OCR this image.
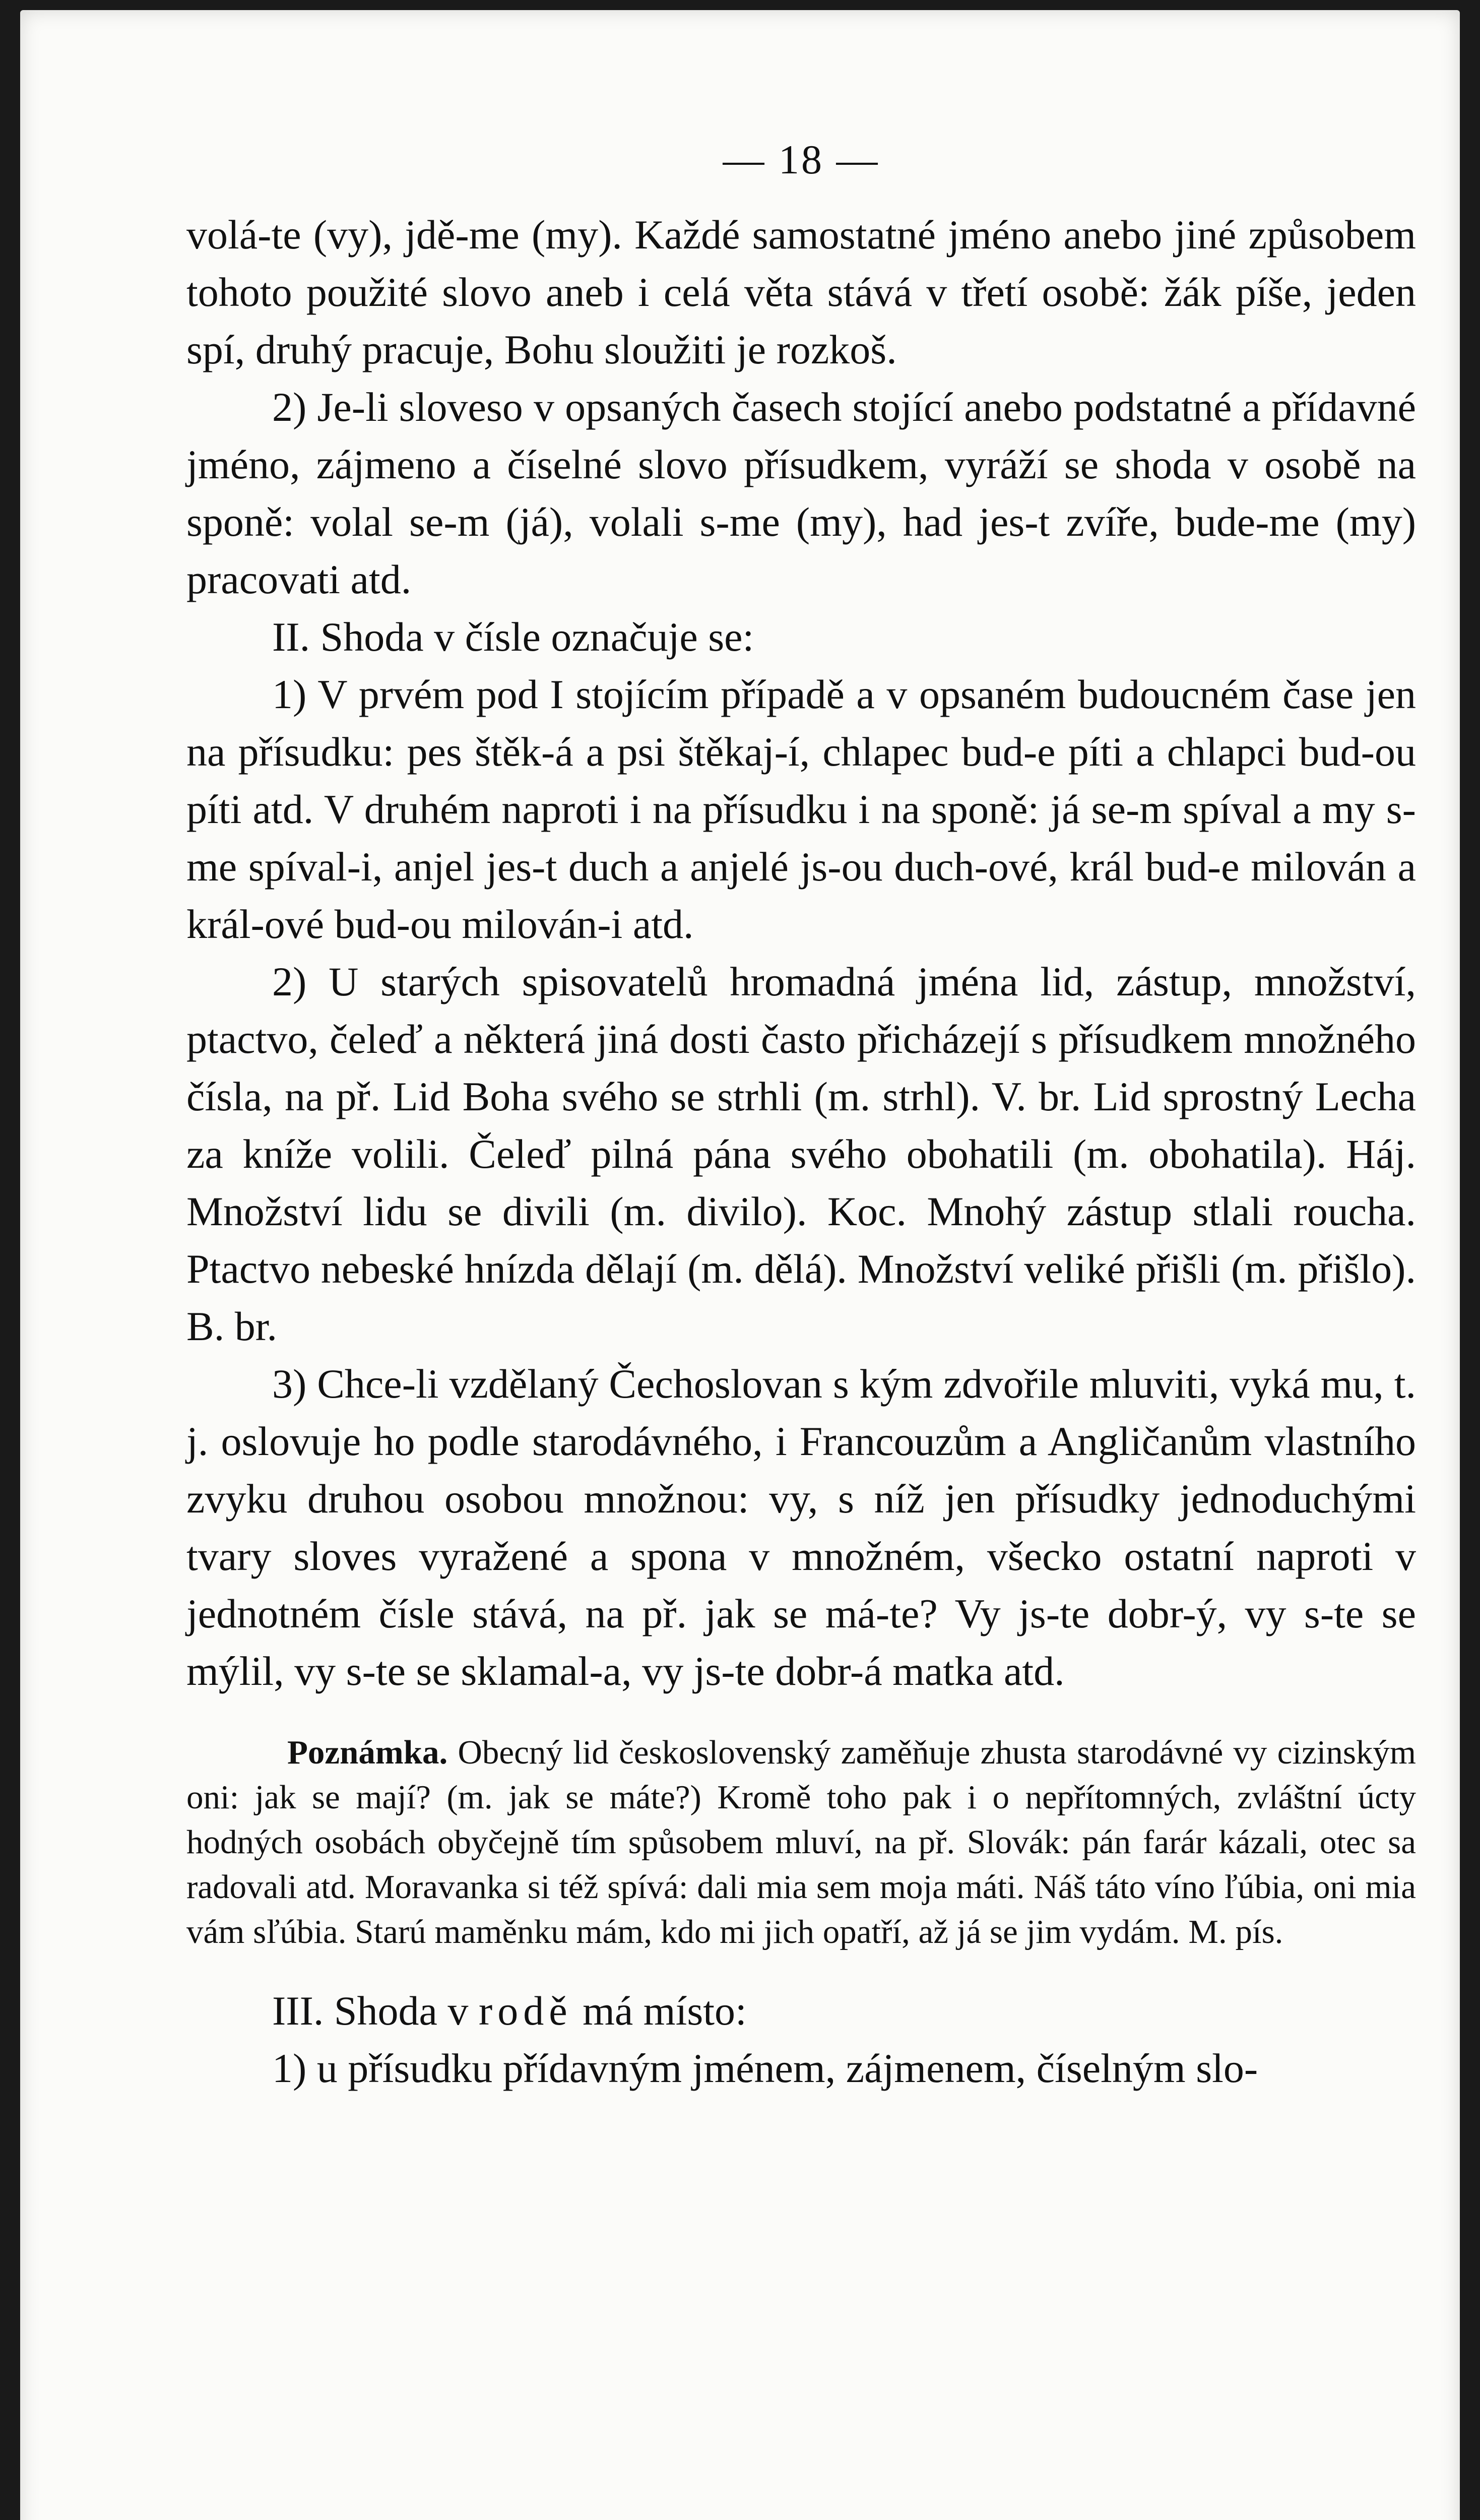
— 18 —

volá-te (vy), jdě-me (my). Každé samostatné jméno anebo jiné způsobem tohoto použité slovo aneb i celá věta stává v třetí osobě: žák píše, jeden spí, druhý pracuje, Bohu sloužiti je rozkoš.

2) Je-li sloveso v opsaných časech stojící anebo podstatné a přídavné jméno, zájmeno a číselné slovo přísudkem, vyráží se shoda v osobě na sponě: volal se-m (já), volali s-me (my), had jes-t zvíře, bude-me (my) pracovati atd.

II. Shoda v čísle označuje se:

1) V prvém pod I stojícím případě a v opsaném budoucném čase jen na přísudku: pes štěk-á a psi štěkaj-í, chlapec bud-e píti a chlapci bud-ou píti atd. V druhém naproti i na přísudku i na sponě: já se-m spíval a my s-me spíval-i, anjel jes-t duch a anjelé js-ou duch-ové, král bud-e milován a král-ové bud-ou milován-i atd.

2) U starých spisovatelů hromadná jména lid, zástup, množství, ptactvo, čeleď a některá jiná dosti často přicházejí s přísudkem množného čísla, na př. Lid Boha svého se strhli (m. strhl). V. br. Lid sprostný Lecha za kníže volili. Čeleď pilná pána svého obohatili (m. obohatila). Háj. Množství lidu se divili (m. divilo). Koc. Mnohý zástup stlali roucha. Ptactvo nebeské hnízda dělají (m. dělá). Množství veliké přišli (m. přišlo). B. br.

3) Chce-li vzdělaný Čechoslovan s kým zdvořile mluviti, vyká mu, t. j. oslovuje ho podle starodávného, i Francouzům a Angličanům vlastního zvyku druhou osobou množnou: vy, s níž jen přísudky jednoduchými tvary sloves vyražené a spona v množném, všecko ostatní naproti v jednotném čísle stává, na př. jak se má-te? Vy js-te dobr-ý, vy s-te se mýlil, vy s-te se sklamal-a, vy js-te dobr-á matka atd.

Poznámka. Obecný lid československý zaměňuje zhusta starodávné vy cizinským oni: jak se mají? (m. jak se máte?) Kromě toho pak i o nepřítomných, zvláštní úcty hodných osobách obyčejně tím spůsobem mluví, na př. Slovák: pán farár kázali, otec sa radovali atd. Moravanka si též spívá: dali mia sem moja máti. Náš táto víno ľúbia, oni mia vám sľúbia. Starú maměnku mám, kdo mi jich opatří, až já se jim vydám. M. pís.

III. Shoda v rodě má místo:

1) u přísudku přídavným jménem, zájmenem, číselným slo-
